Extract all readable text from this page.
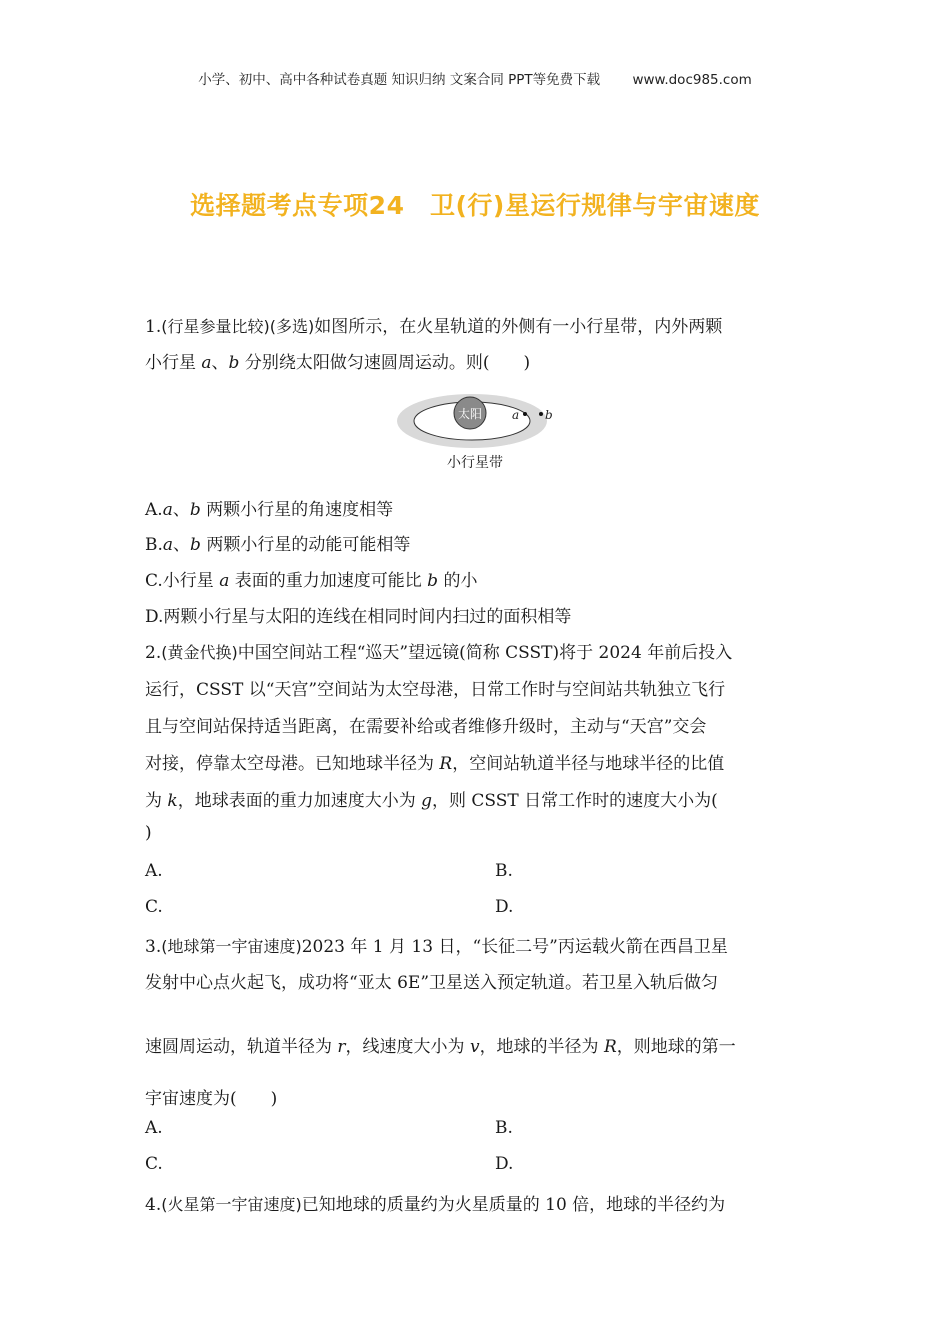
小学、初中、高中各种试卷真题 知识归纳 文案合同 PPT等免费下载 www.doc985.com
选择题考点专项24　卫(行)星运行规律与宇宙速度
1.(行星参量比较)(多选)如图所示，在火星轨道的外侧有一小行星带，内外两颗
小行星 a、b 分别绕太阳做匀速圆周运动。则(　　)
A.a、b 两颗小行星的角速度相等
B.a、b 两颗小行星的动能可能相等
C.小行星 a 表面的重力加速度可能比 b 的小
D.两颗小行星与太阳的连线在相同时间内扫过的面积相等
2.(黄金代换)中国空间站工程“巡天”望远镜(简称 CSST)将于 2024 年前后投入
运行，CSST 以“天宫”空间站为太空母港，日常工作时与空间站共轨独立飞行
且与空间站保持适当距离，在需要补给或者维修升级时，主动与“天宫”交会
对接，停靠太空母港。已知地球半径为 R，空间站轨道半径与地球半径的比值
为 k，地球表面的重力加速度大小为 g，则 CSST 日常工作时的速度大小为(
)
A.	B.
C.	D.
3.(地球第一宇宙速度)2023 年 1 月 13 日，“长征二号”丙运载火箭在西昌卫星
发射中心点火起飞，成功将“亚太 6E”卫星送入预定轨道。若卫星入轨后做匀
速圆周运动，轨道半径为 r，线速度大小为 v，地球的半径为 R，则地球的第一
宇宙速度为(　　)
A.	B.
C.	D.
4.(火星第一宇宙速度)已知地球的质量约为火星质量的 10 倍，地球的半径约为
太阳 a b
小行星带
